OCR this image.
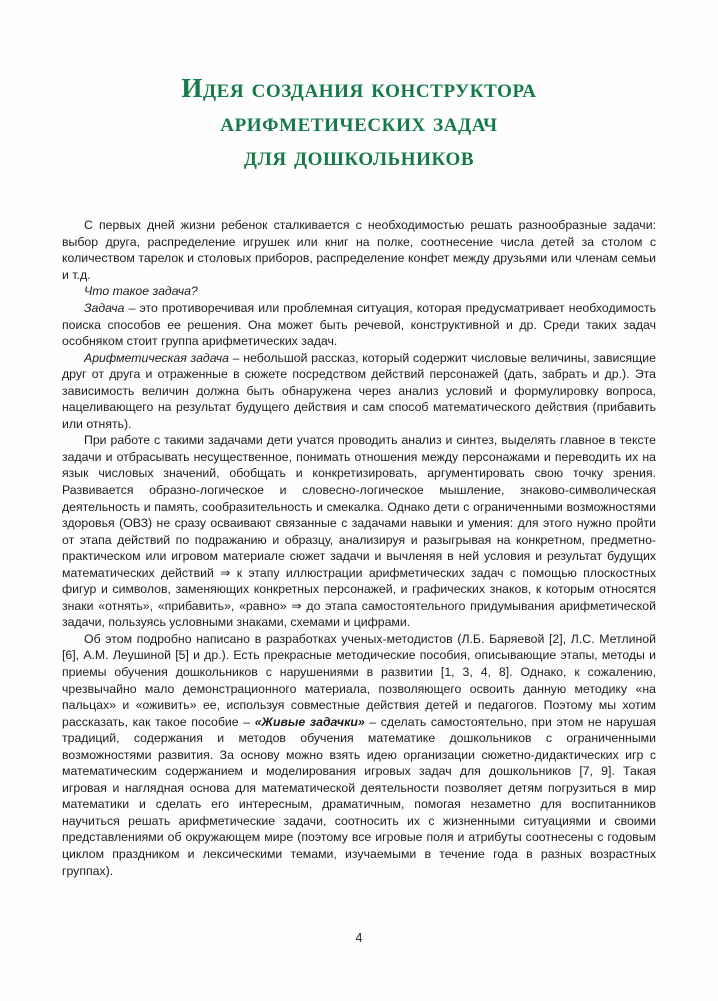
Идея создания конструктора
арифметических задач
для дошкольников

С первых дней жизни ребенок сталкивается с необходимостью решать разнообразные задачи: выбор друга, распределение игрушек или книг на полке, соотнесение числа детей за столом с количеством тарелок и столовых приборов, распределение конфет между друзьями или членам семьи и т.д.

Что такое задача?

Задача – это противоречивая или проблемная ситуация, которая предусматривает необходимость поиска способов ее решения. Она может быть речевой, конструктивной и др. Среди таких задач особняком стоит группа арифметических задач.

Арифметическая задача – небольшой рассказ, который содержит числовые величины, зависящие друг от друга и отраженные в сюжете посредством действий персонажей (дать, забрать и др.). Эта зависимость величин должна быть обнаружена через анализ условий и формулировку вопроса, нацеливающего на результат будущего действия и сам способ математического действия (прибавить или отнять).

При работе с такими задачами дети учатся проводить анализ и синтез, выделять главное в тексте задачи и отбрасывать несущественное, понимать отношения между персонажами и переводить их на язык числовых значений, обобщать и конкретизировать, аргументировать свою точку зрения. Развивается образно-логическое и словесно-логическое мышление, знаково-символическая деятельность и память, сообразительность и смекалка. Однако дети с ограниченными возможностями здоровья (ОВЗ) не сразу осваивают связанные с задачами навыки и умения: для этого нужно пройти от этапа действий по подражанию и образцу, анализируя и разыгрывая на конкретном, предметно-практическом или игровом материале сюжет задачи и вычленяя в ней условия и результат будущих математических действий ⇒ к этапу иллюстрации арифметических задач с помощью плоскостных фигур и символов, заменяющих конкретных персонажей, и графических знаков, к которым относятся знаки «отнять», «прибавить», «равно» ⇒ до этапа самостоятельного придумывания арифметической задачи, пользуясь условными знаками, схемами и цифрами.

Об этом подробно написано в разработках ученых-методистов (Л.Б. Баряевой [2], Л.С. Метлиной [6], А.М. Леушиной [5] и др.). Есть прекрасные методические пособия, описывающие этапы, методы и приемы обучения дошкольников с нарушениями в развитии [1, 3, 4, 8]. Однако, к сожалению, чрезвычайно мало демонстрационного материала, позволяющего освоить данную методику «на пальцах» и «оживить» ее, используя совместные действия детей и педагогов. Поэтому мы хотим рассказать, как такое пособие – «Живые задачки» – сделать самостоятельно, при этом не нарушая традиций, содержания и методов обучения математике дошкольников с ограниченными возможностями развития. За основу можно взять идею организации сюжетно-дидактических игр с математическим содержанием и моделирования игровых задач для дошкольников [7, 9]. Такая игровая и наглядная основа для математической деятельности позволяет детям погрузиться в мир математики и сделать его интересным, драматичным, помогая незаметно для воспитанников научиться решать арифметические задачи, соотносить их с жизненными ситуациями и своими представлениями об окружающем мире (поэтому все игровые поля и атрибуты соотнесены с годовым циклом праздником и лексическими темами, изучаемыми в течение года в разных возрастных группах).

4
